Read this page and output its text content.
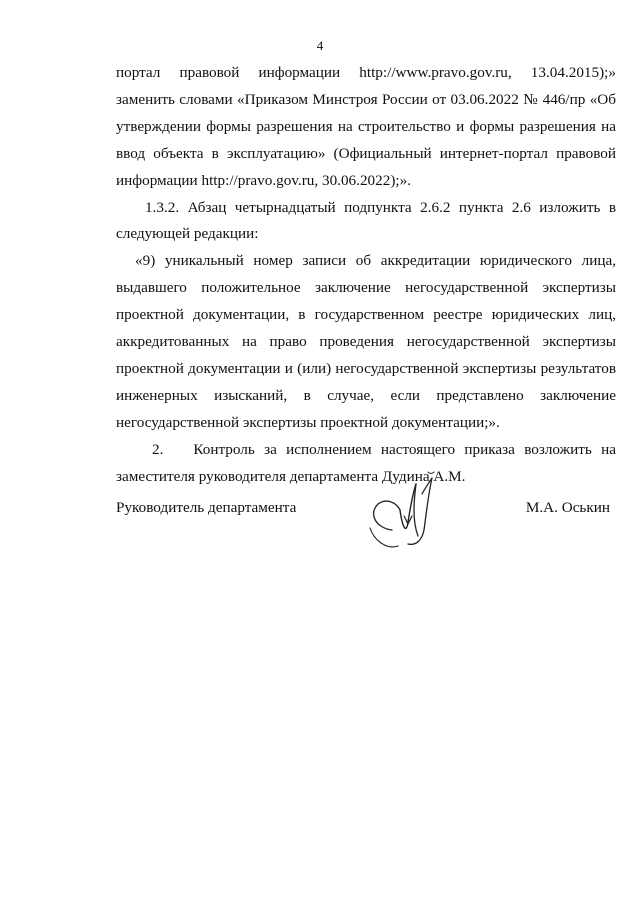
4

портал правовой информации http://www.pravo.gov.ru, 13.04.2015);» заменить словами «Приказом Минстроя России от 03.06.2022 № 446/пр «Об утверждении формы разрешения на строительство и формы разрешения на ввод объекта в эксплуатацию» (Официальный интернет-портал правовой информации http://pravo.gov.ru, 30.06.2022);».

1.3.2. Абзац четырнадцатый подпункта 2.6.2 пункта 2.6 изложить в следующей редакции:

«9) уникальный номер записи об аккредитации юридического лица, выдавшего положительное заключение негосударственной экспертизы проектной документации, в государственном реестре юридических лиц, аккредитованных на право проведения негосударственной экспертизы проектной документации и (или) негосударственной экспертизы результатов инженерных изысканий, в случае, если представлено заключение негосударственной экспертизы проектной документации;».

2. Контроль за исполнением настоящего приказа возложить на заместителя руководителя департамента Дудина А.М.

Руководитель департамента	М.А. Оськин
